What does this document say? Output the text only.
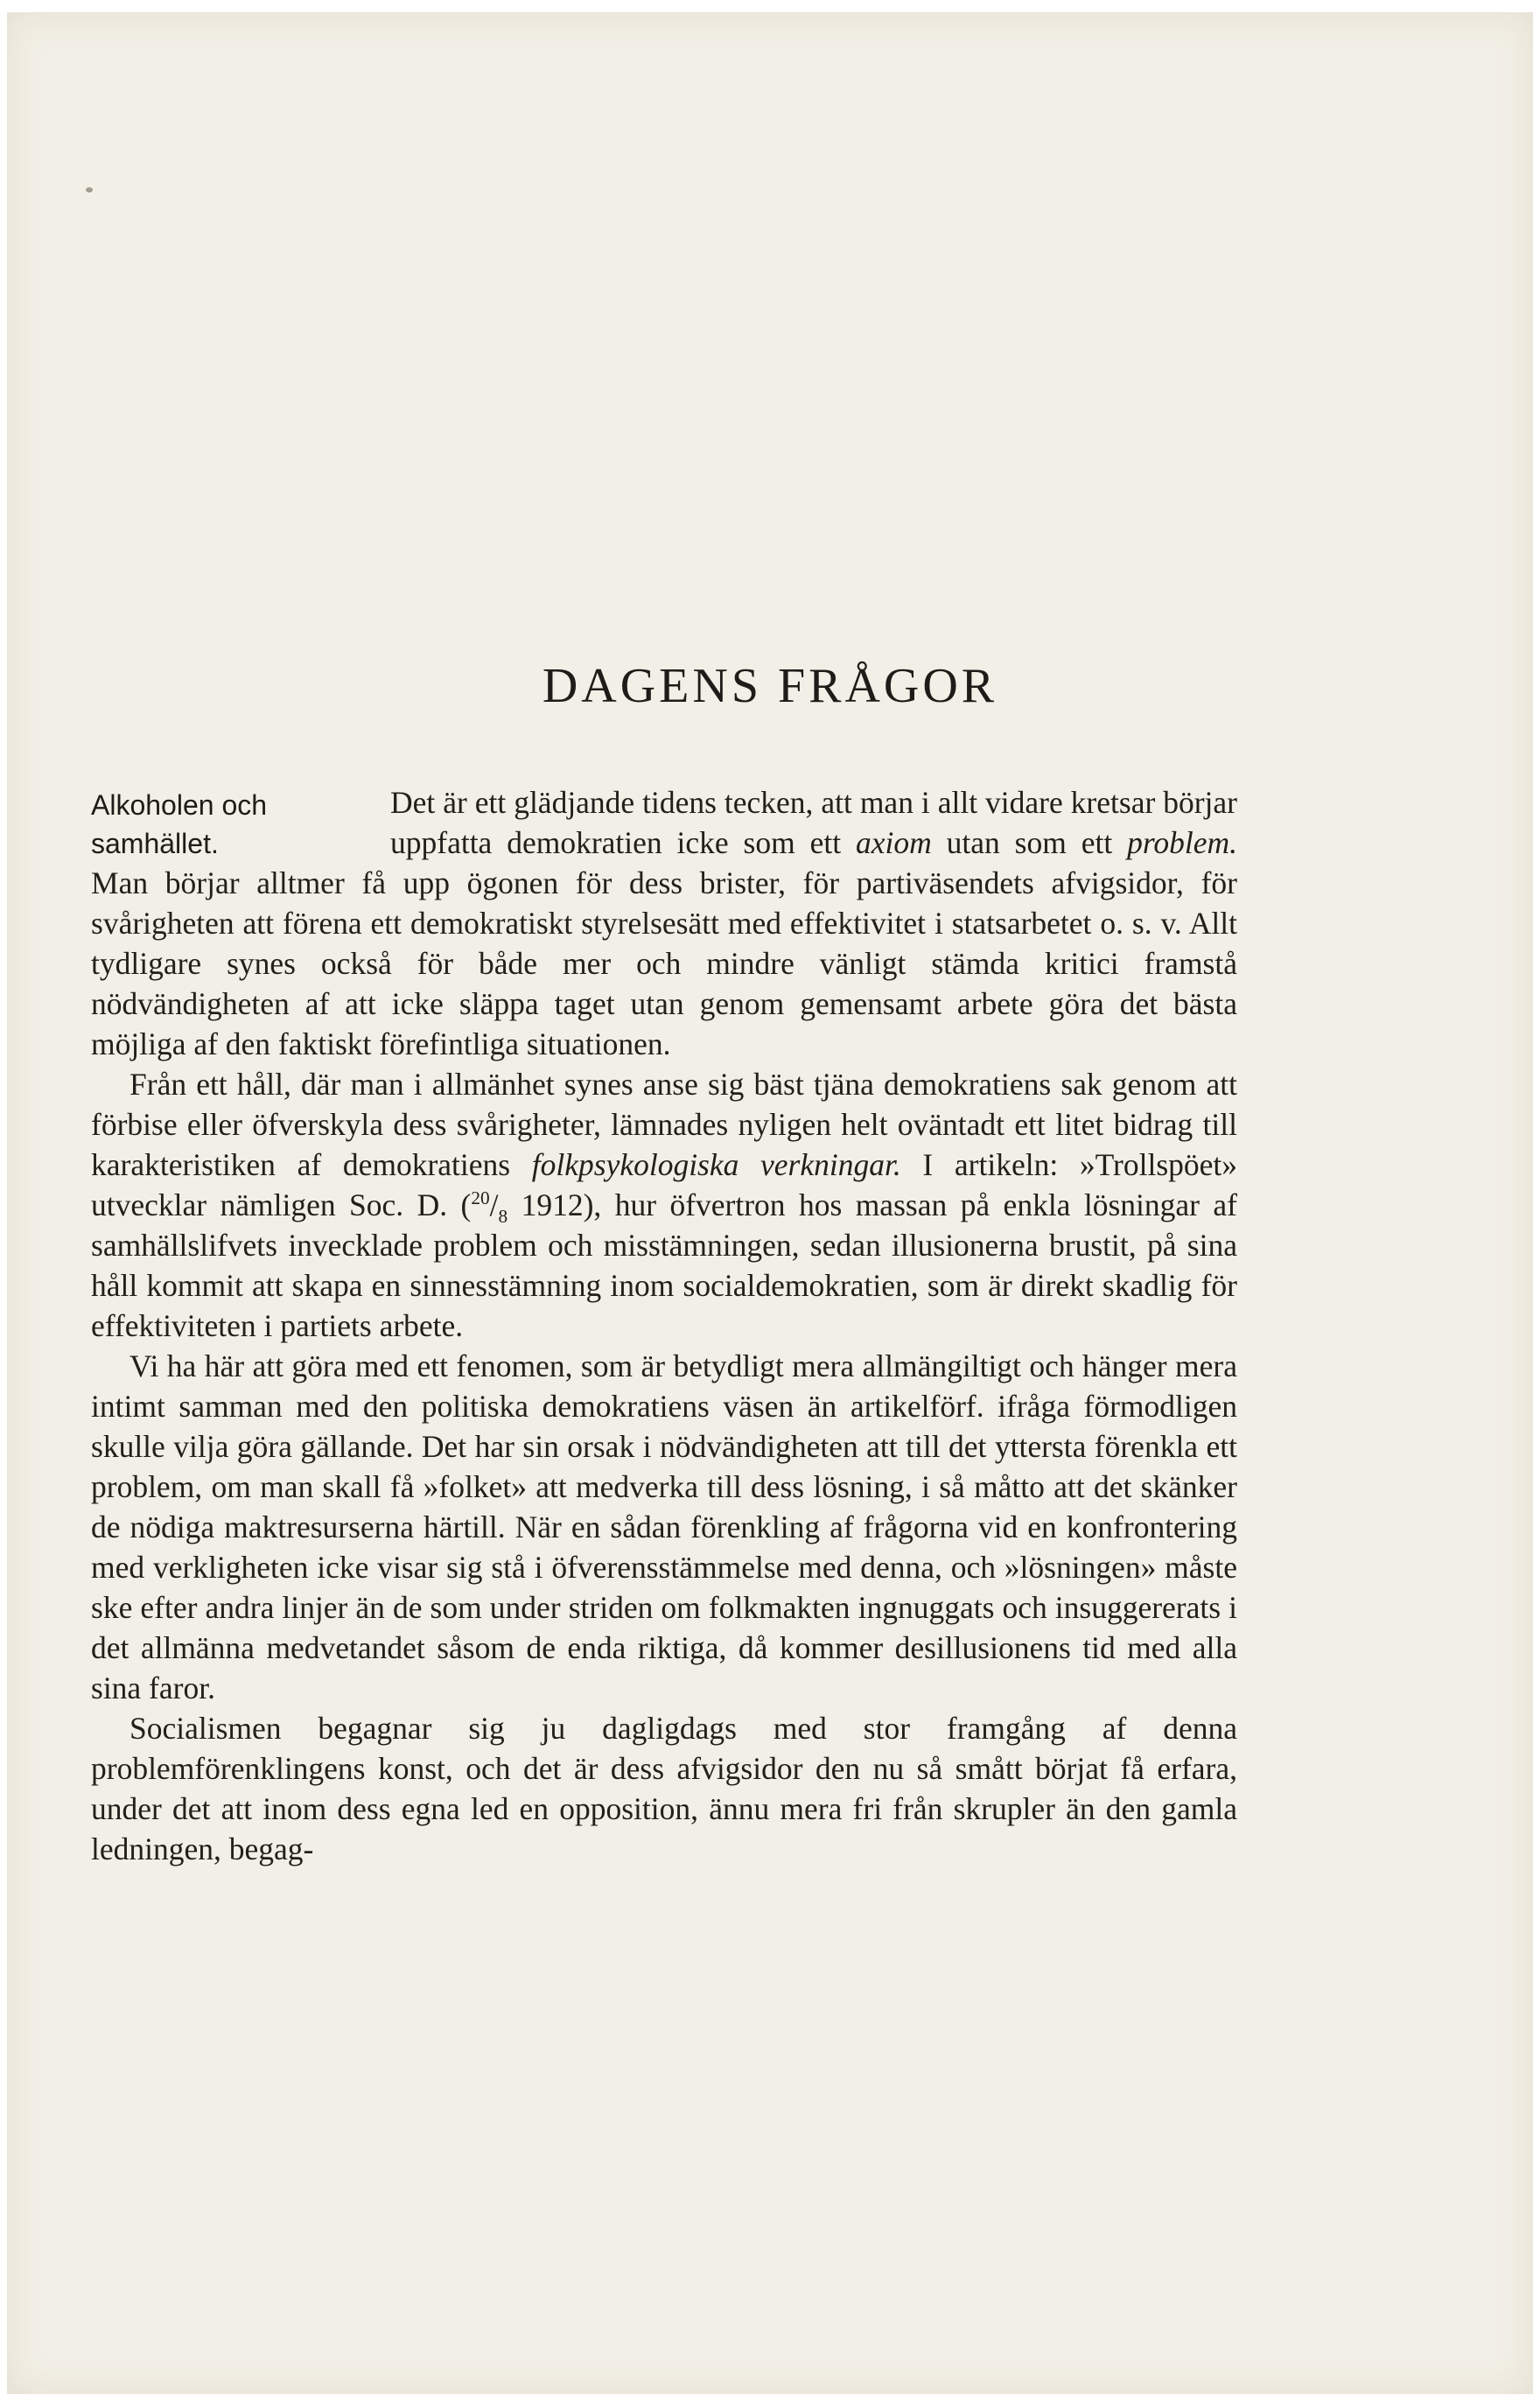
DAGENS FRÅGOR
Alkoholen och
samhället.

Det är ett glädjande tidens tecken, att man i allt vidare kretsar börjar uppfatta demokratien icke som ett axiom utan som ett problem. Man börjar alltmer få upp ögonen för dess brister, för partiväsendets afvigsidor, för svårigheten att förena ett demokratiskt styrelsesätt med effektivitet i statsarbetet o. s. v. Allt tydligare synes också för både mer och mindre vänligt stämda kritici framstå nödvändigheten af att icke släppa taget utan genom gemensamt arbete göra det bästa möjliga af den faktiskt förefintliga situationen.

Från ett håll, där man i allmänhet synes anse sig bäst tjäna demokratiens sak genom att förbise eller öfverskyla dess svårigheter, lämnades nyligen helt oväntadt ett litet bidrag till karakteristiken af demokratiens folkpsykologiska verkningar. I artikeln: »Trollspöet» utvecklar nämligen Soc. D. ($^{20}/_8$ 1912), hur öfvertron hos massan på enkla lösningar af samhällslifvets invecklade problem och misstämningen, sedan illusionerna brustit, på sina håll kommit att skapa en sinnesstämning inom socialdemokratien, som är direkt skadlig för effektiviteten i partiets arbete.

Vi ha här att göra med ett fenomen, som är betydligt mera allmängiltigt och hänger mera intimt samman med den politiska demokratiens väsen än artikelförf. ifråga förmodligen skulle vilja göra gällande. Det har sin orsak i nödvändigheten att till det yttersta förenkla ett problem, om man skall få »folket» att medverka till dess lösning, i så måtto att det skänker de nödiga maktresurserna härtill. När en sådan förenkling af frågorna vid en konfrontering med verkligheten icke visar sig stå i öfverensstämmelse med denna, och »lösningen» måste ske efter andra linjer än de som under striden om folkmakten ingnuggats och insuggererats i det allmänna medvetandet såsom de enda riktiga, då kommer desillusionens tid med alla sina faror.

Socialismen begagnar sig ju dagligdags med stor framgång af denna problemförenklingens konst, och det är dess afvigsidor den nu så smått börjat få erfara, under det att inom dess egna led en opposition, ännu mera fri från skrupler än den gamla ledningen, begag-
